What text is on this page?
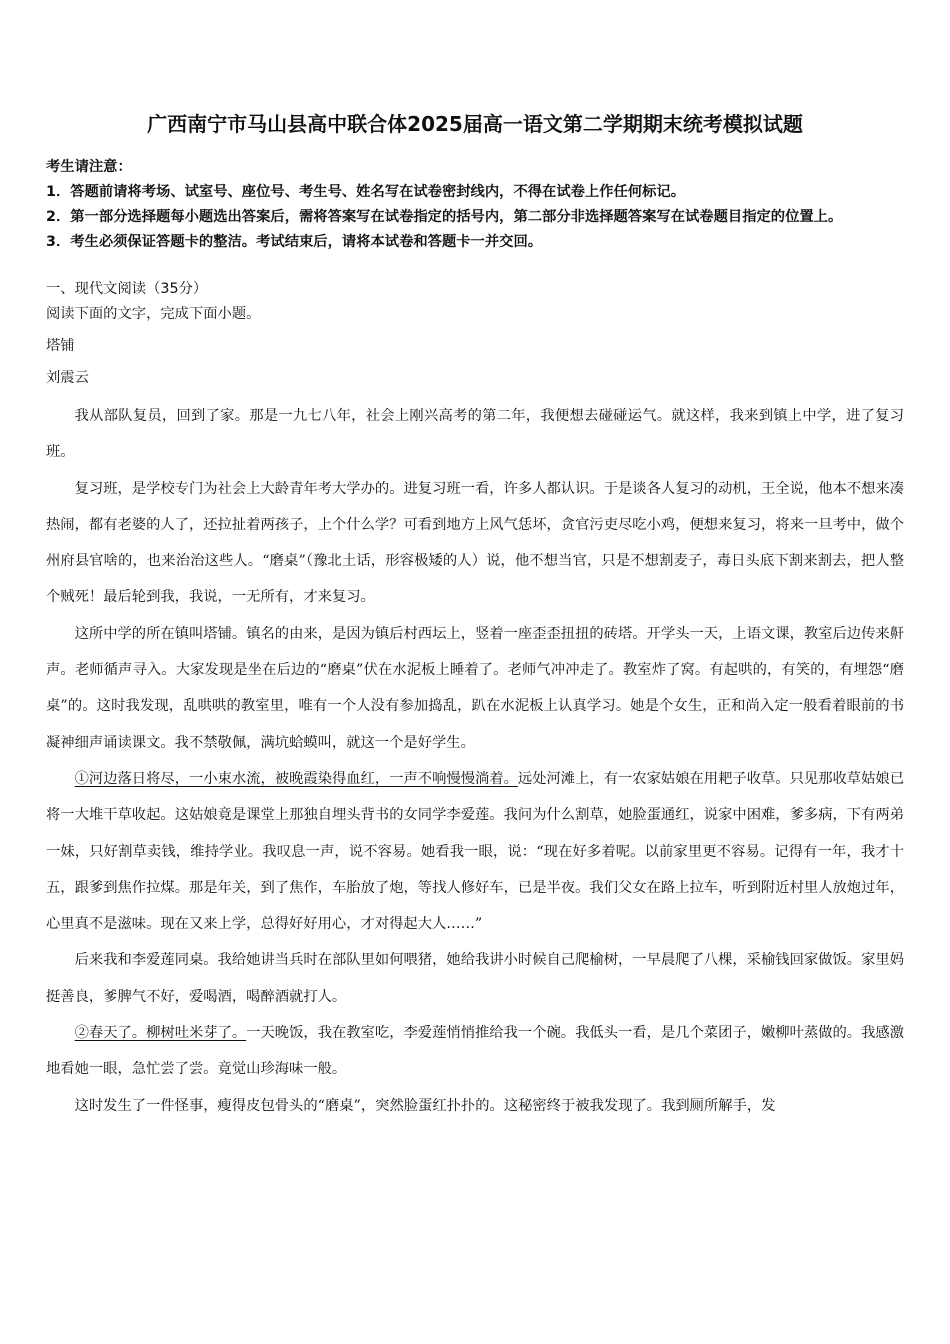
广西南宁市马山县高中联合体2025届高一语文第二学期期末统考模拟试题

考生请注意：

1．答题前请将考场、试室号、座位号、考生号、姓名写在试卷密封线内，不得在试卷上作任何标记。

2．第一部分选择题每小题选出答案后，需将答案写在试卷指定的括号内，第二部分非选择题答案写在试卷题目指定的位置上。

3．考生必须保证答题卡的整洁。考试结束后，请将本试卷和答题卡一并交回。

一、现代文阅读（35分）
阅读下面的文字，完成下面小题。
塔铺
刘震云

我从部队复员，回到了家。那是一九七八年，社会上刚兴高考的第二年，我便想去碰碰运气。就这样，我来到镇上中学，进了复习班。

复习班，是学校专门为社会上大龄青年考大学办的。进复习班一看，许多人都认识。于是谈各人复习的动机，王全说，他本不想来凑热闹，都有老婆的人了，还拉扯着两孩子，上个什么学？可看到地方上风气恁坏，贪官污吏尽吃小鸡，便想来复习，将来一旦考中，做个州府县官啥的，也来治治这些人。“磨桌”（豫北土话，形容极矮的人）说，他不想当官，只是不想割麦子，毒日头底下割来割去，把人整个贼死！最后轮到我，我说，一无所有，才来复习。

这所中学的所在镇叫塔铺。镇名的由来，是因为镇后村西坛上，竖着一座歪歪扭扭的砖塔。开学头一天，上语文课，教室后边传来鼾声。老师循声寻入。大家发现是坐在后边的“磨桌”伏在水泥板上睡着了。老师气冲冲走了。教室炸了窝。有起哄的，有笑的，有埋怨“磨桌”的。这时我发现，乱哄哄的教室里，唯有一个人没有参加捣乱，趴在水泥板上认真学习。她是个女生，正和尚入定一般看着眼前的书凝神细声诵读课文。我不禁敬佩，满坑蛤蟆叫，就这一个是好学生。

①河边落日将尽，一小束水流，被晚霞染得血红，一声不响慢慢淌着。远处河滩上，有一农家姑娘在用耙子收草。只见那收草姑娘已将一大堆干草收起。这姑娘竟是课堂上那独自埋头背书的女同学李爱莲。我问为什么割草，她脸蛋通红，说家中困难，爹多病，下有两弟一妹，只好割草卖钱，维持学业。我叹息一声，说不容易。她看我一眼，说：“现在好多着呢。以前家里更不容易。记得有一年，我才十五，跟爹到焦作拉煤。那是年关，到了焦作，车胎放了炮，等找人修好车，已是半夜。我们父女在路上拉车，听到附近村里人放炮过年，心里真不是滋味。现在又来上学，总得好好用心，才对得起大人……”

后来我和李爱莲同桌。我给她讲当兵时在部队里如何喂猪，她给我讲小时候自己爬榆树，一早晨爬了八棵，采榆钱回家做饭。家里妈挺善良，爹脾气不好，爱喝酒，喝醉酒就打人。

②春天了。柳树吐米芽了。一天晚饭，我在教室吃，李爱莲悄悄推给我一个碗。我低头一看，是几个菜团子，嫩柳叶蒸做的。我感激地看她一眼，急忙尝了尝。竟觉山珍海味一般。

这时发生了一件怪事，瘦得皮包骨头的“磨桌”，突然脸蛋红扑扑的。这秘密终于被我发现了。我到厕所解手，发
